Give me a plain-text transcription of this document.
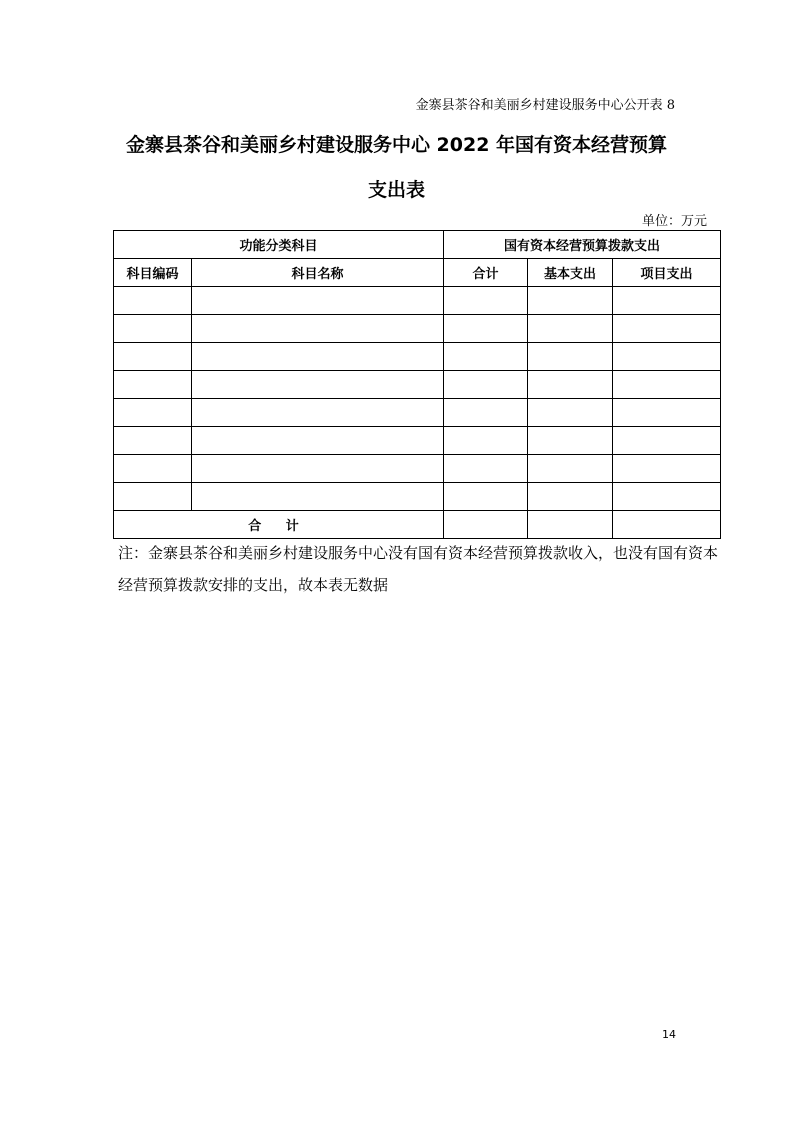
金寨县茶谷和美丽乡村建设服务中心公开表 8
金寨县茶谷和美丽乡村建设服务中心 2022 年国有资本经营预算
支出表
单位：万元
功能分类科目		国有资本经营预算拨款支出		
科目编码	科目名称	合计	基本支出	项目支出

合 计				
注：金寨县茶谷和美丽乡村建设服务中心没有国有资本经营预算拨款收入，也没有国有资本经营预算拨款安排的支出，故本表无数据
14
